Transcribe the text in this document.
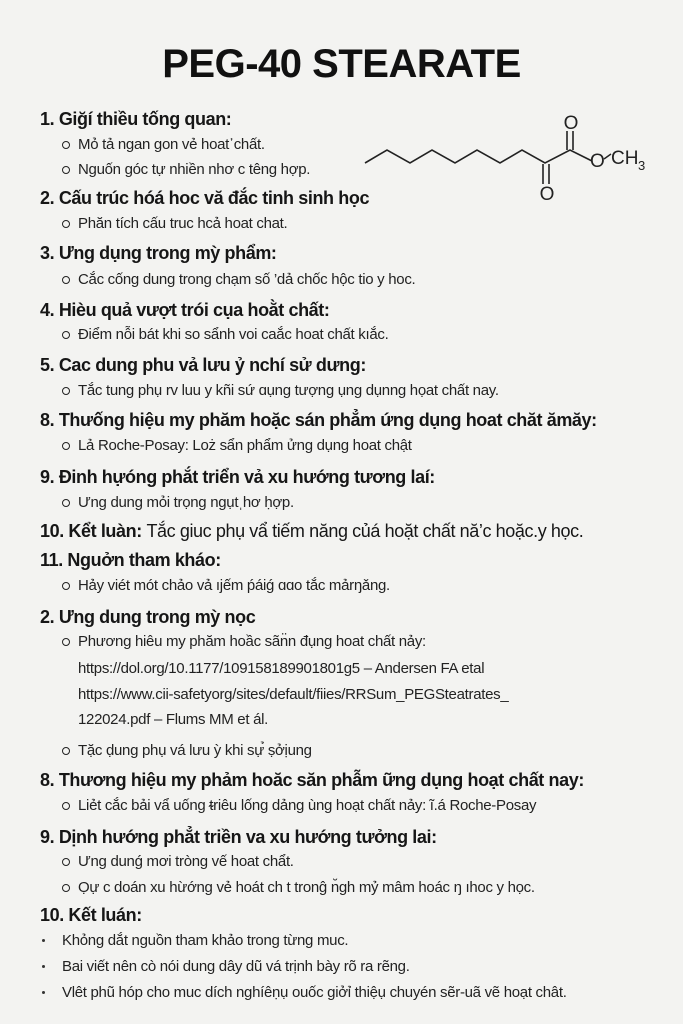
PEG-40 STEARATE
O
O
O CH 3
1. Giğí thiều tống quan:
Mỏ tả ngan gon vẻ hoat᾿chất.
Nguốn góc tự nhiền nhơ c têng hợp.
2. Cấu trúc hóá hoc vă đắc tinh sinh học
Phăn tích cấu truc hcả hoat chat.
3. Ưng dụng trong mỳ phẩm:
Cắc cống dung trong chạm số ’dả chốc hộc tio y hoc.
4. Hièu quả vượt trói cụa hoằt chất:
Điểm nỗi bát khi so sẩnh voi caắc hoat chất kıắc.
5. Cac dung phu vả lưu ỷ nchí sử dưng:
Tắc tung phụ rv luu y kñi sứ ɑụng tượng ụng dụnng họat chất nay.
8. Thưống hiệu my phăm hoặc sán phẳm ứng dụng hoat chăt ămăy:
Lả Roche-Posay: Loż sẩn phẩm ửng dụng hoat chật
9. Đinh hựóng phắt triển vả xu hướng tương laí:
Ưng dung mỏi trọng ngụtˌhơ ḥợp.
10. Kểt luàn: Tắc giuc phụ vẩ tiếm năng củá hoặt chất nă’c hoặc.y học.
11. Nguởn tham kháo:
Hảy viét mót chảo vả ıjếm ṕáiǵ ɑɑo tắc mảrŋǎng.
2. Ưng dung trong mỳ nọc
Phương hiêu my phăm hoầc sãn̈n đụng hoat chất nảy:
https://dol.org/10.1177/109158189901801ɡ5 – Andersen FA etal
https://www.cii-safetyorg/sites/default/fiies/RRSum_PEGSteatrates_
122024.pdf – Flums MM et ál.
Tặc ḍung phụ vá lưu ỳ khi sự̉ ṣởịung
8. Thương hiệu my phảm hoăc săn phẫm ững dụng hoạt chất nay:
Liẻt cắc bải vẩ uống ᵵriêu lống dảng ùng hoạt chất nảy: ĩ.á Roche-Posay
9. Dịnh hướng phẳt triền va xu hướng tưởng lai:
Ưng dunǵ mơi tròng vế hoat chẩt.
Ọự c doán xu hừớng vẻ hoát ch t tronĝ n̆gh mỷ mâm hoác ŋ ıhoc y học.
10. Kết luán:
Khỏng dắt nguồn tham khảo trong từng muc.
Bai viết nên cò nói dung dây dũ vá trịnh bày rõ ra rẽng.
Vlêt phũ hóp cho muc dích nghíêṇụ ouốc giởỉ thiệụ chuyén sẽr-uã vẽ hoạt chât.
